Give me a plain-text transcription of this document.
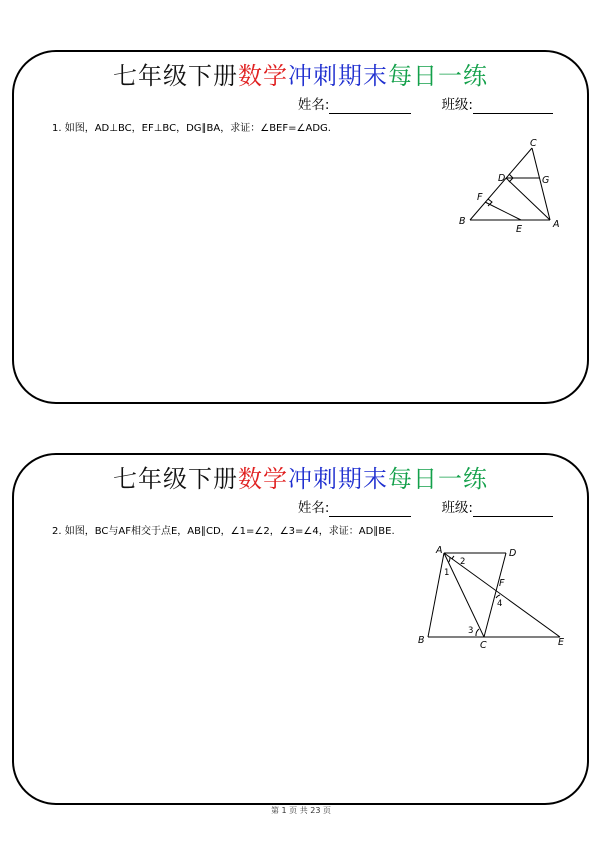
七年级下册数学冲刺期末每日一练
姓名:	班级:
1. 如图，AD⊥BC，EF⊥BC，DG∥BA，求证：∠BEF=∠ADG.
C
D	G
F
B
E	A
七年级下册数学冲刺期末每日一练
姓名:	班级:
2. 如图，BC与AF相交于点E，AB∥CD，∠1=∠2，∠3=∠4，求证：AD∥BE.
A	D
F
B	C	E
1
2
3
4
第 1 页 共 23 页
